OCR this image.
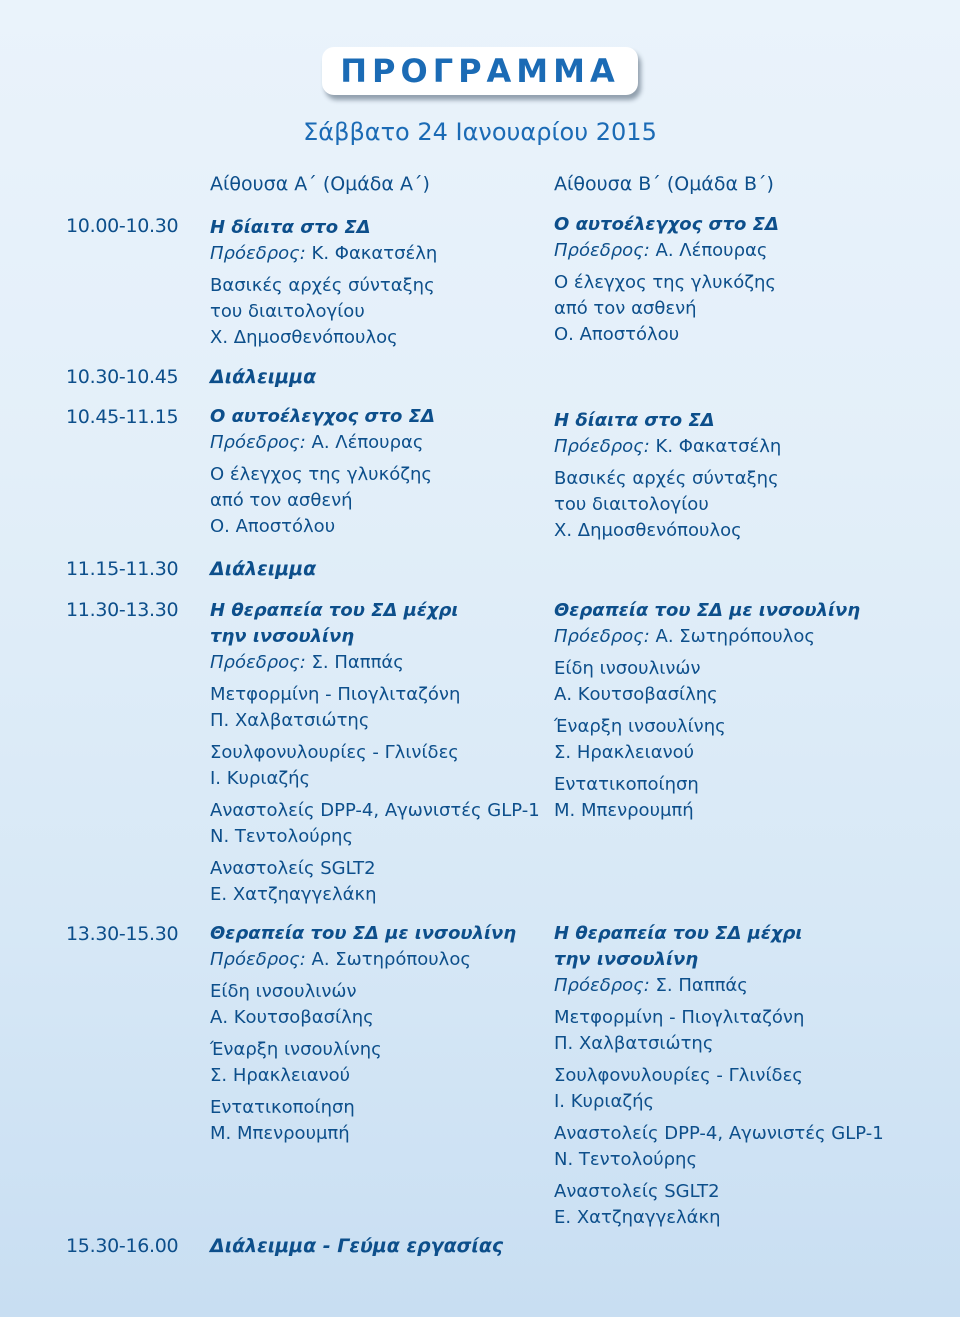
ΠΡΟΓΡΑΜΜΑ
Σάββατο 24 Ιανουαρίου 2015
Αίθουσα Α΄ (Ομάδα Α΄)	Αίθουσα Β΄ (Ομάδα Β΄)
10.00-10.30
10.30-10.45
10.45-11.15
11.15-11.30
11.30-13.30
13.30-15.30
15.30-16.00
Διάλειμμα
Διάλειμμα
Διάλειμμα - Γεύμα εργασίας
Η δίαιτα στο ΣΔ
Πρόεδρος: Κ. Φακατσέλη
Βασικές αρχές σύνταξης
του διαιτολογίου
Χ. Δημοσθενόπουλος
Ο αυτοέλεγχος στο ΣΔ
Πρόεδρος: Α. Λέπουρας
Ο έλεγχος της γλυκόζης
από τον ασθενή
Ο. Αποστόλου
Ο αυτοέλεγχος στο ΣΔ
Πρόεδρος: Α. Λέπουρας
Ο έλεγχος της γλυκόζης
από τον ασθενή
Ο. Αποστόλου
Η δίαιτα στο ΣΔ
Πρόεδρος: Κ. Φακατσέλη
Βασικές αρχές σύνταξης
του διαιτολογίου
Χ. Δημοσθενόπουλος
Η θεραπεία του ΣΔ μέχρι
την ινσουλίνη
Πρόεδρος: Σ. Παππάς
Μετφορμίνη - Πιογλιταζόνη
Π. Χαλβατσιώτης
Σουλφονυλουρίες - Γλινίδες
Ι. Κυριαζής
Αναστολείς DPP-4, Αγωνιστές GLP-1
Ν. Τεντολούρης
Αναστολείς SGLT2
Ε. Χατζηαγγελάκη
Θεραπεία του ΣΔ με ινσουλίνη
Πρόεδρος: Α. Σωτηρόπουλος
Είδη ινσουλινών
Α. Κουτσοβασίλης
Έναρξη ινσουλίνης
Σ. Ηρακλειανού
Εντατικοποίηση
Μ. Μπενρουμπή
Θεραπεία του ΣΔ με ινσουλίνη
Πρόεδρος: Α. Σωτηρόπουλος
Είδη ινσουλινών
Α. Κουτσοβασίλης
Έναρξη ινσουλίνης
Σ. Ηρακλειανού
Εντατικοποίηση
Μ. Μπενρουμπή
Η θεραπεία του ΣΔ μέχρι
την ινσουλίνη
Πρόεδρος: Σ. Παππάς
Μετφορμίνη - Πιογλιταζόνη
Π. Χαλβατσιώτης
Σουλφονυλουρίες - Γλινίδες
Ι. Κυριαζής
Αναστολείς DPP-4, Αγωνιστές GLP-1
Ν. Τεντολούρης
Αναστολείς SGLT2
Ε. Χατζηαγγελάκη
